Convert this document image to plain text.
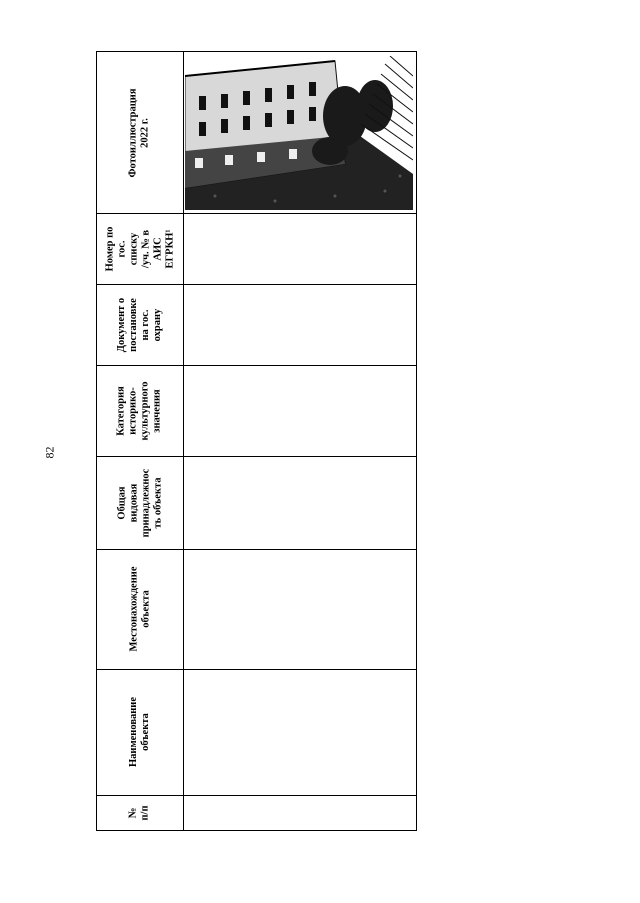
82
Фотоиллюстрация
2022 г.
Номер по
гос.
списку
/уч. № в
АИС
ЕГРКН¹
Документ о
постановке
на гос.
охрану
Категория
историко-
культурного
значения
Общая
видовая
принадлежнос
ть объекта
Местонахождение
объекта
Наименование
объекта
№
п/п
